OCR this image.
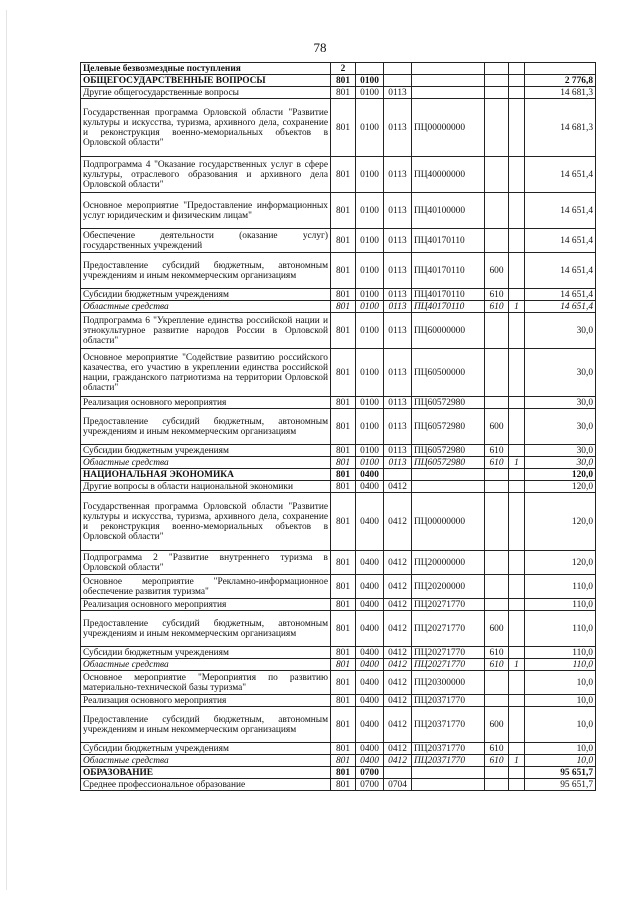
78
Целевые безвозмездные поступления	2						
ОБЩЕГОСУДАРСТВЕННЫЕ ВОПРОСЫ	801	0100					2 776,8
Другие общегосударственные вопросы	801	0100	0113				14 681,3
Государственная программа Орловской области "Развитие культуры и искусства, туризма, архивного дела, сохранение и реконструкция военно-мемориальных объектов в Орловской области"	801	0100	0113	ПЦ00000000			14 681,3
Подпрограмма 4 "Оказание государственных услуг в сфере культуры, отраслевого образования и архивного дела Орловской области"	801	0100	0113	ПЦ40000000			14 651,4
Основное мероприятие "Предоставление информационных услуг юридическим и физическим лицам"	801	0100	0113	ПЦ40100000			14 651,4
Обеспечение деятельности (оказание услуг) государственных учреждений	801	0100	0113	ПЦ40170110			14 651,4
Предоставление субсидий бюджетным, автономным учреждениям и иным некоммерческим организациям	801	0100	0113	ПЦ40170110	600		14 651,4
Субсидии бюджетным учреждениям	801	0100	0113	ПЦ40170110	610		14 651,4
Областные средства	801	0100	0113	ПЦ40170110	610	1	14 651,4
Подпрограмма 6 "Укрепление единства российской нации и этнокультурное развитие народов России в Орловской области"	801	0100	0113	ПЦ60000000			30,0
Основное мероприятие "Содействие развитию российского казачества, его участию в укреплении единства российской нации, гражданского патриотизма на территории Орловской области"	801	0100	0113	ПЦ60500000			30,0
Реализация основного мероприятия	801	0100	0113	ПЦ60572980			30,0
Предоставление субсидий бюджетным, автономным учреждениям и иным некоммерческим организациям	801	0100	0113	ПЦ60572980	600		30,0
Субсидии бюджетным учреждениям	801	0100	0113	ПЦ60572980	610		30,0
Областные средства	801	0100	0113	ПЦ60572980	610	1	30,0
НАЦИОНАЛЬНАЯ ЭКОНОМИКА	801	0400					120,0
Другие вопросы в области национальной экономики	801	0400	0412				120,0
Государственная программа Орловской области "Развитие культуры и искусства, туризма, архивного дела, сохранение и реконструкция военно-мемориальных объектов в Орловской области"	801	0400	0412	ПЦ00000000			120,0
Подпрограмма 2 "Развитие внутреннего туризма в Орловской области"	801	0400	0412	ПЦ20000000			120,0
Основное мероприятие "Рекламно-информационное обеспечение развития туризма"	801	0400	0412	ПЦ20200000			110,0
Реализация основного мероприятия	801	0400	0412	ПЦ20271770			110,0
Предоставление субсидий бюджетным, автономным учреждениям и иным некоммерческим организациям	801	0400	0412	ПЦ20271770	600		110,0
Субсидии бюджетным учреждениям	801	0400	0412	ПЦ20271770	610		110,0
Областные средства	801	0400	0412	ПЦ20271770	610	1	110,0
Основное мероприятие "Мероприятия по развитию материально-технической базы туризма"	801	0400	0412	ПЦ20300000			10,0
Реализация основного мероприятия	801	0400	0412	ПЦ20371770			10,0
Предоставление субсидий бюджетным, автономным учреждениям и иным некоммерческим организациям	801	0400	0412	ПЦ20371770	600		10,0
Субсидии бюджетным учреждениям	801	0400	0412	ПЦ20371770	610		10,0
Областные средства	801	0400	0412	ПЦ20371770	610	1	10,0
ОБРАЗОВАНИЕ	801	0700					95 651,7
Среднее профессиональное образование	801	0700	0704				95 651,7
